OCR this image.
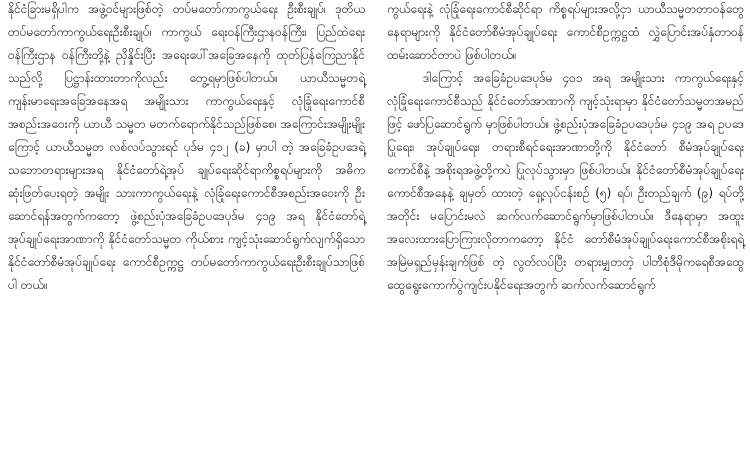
နိုင်ငံခြားမရှိပါက အဖွဲ့ဝင်များဖြစ်တဲ့ တပ်မတော်ကာကွယ်ရေး ဦးစီးချုပ်၊ ဒုတိယတပ်မတော်ကာကွယ်ရေးဦးစီးချုပ်၊ ကာကွယ် ရေးဝန်ကြီးဌာနဝန်ကြီး၊ ပြည်ထဲရေးဝန်ကြီးဌာန ဝန်ကြီးတို့နဲ့ ညှိနှိုင်းပြီး အရေးပေါ်အခြေအနေကို ထုတ်ပြန်ကြေညာနိုင် သည်လို့ ပြဋ္ဌာန်းထားတာကိုလည်း တွေ့ရမှာဖြစ်ပါတယ်။ ယာယီသမ္မတရဲ့ ကျန်းမာရေးအခြေအနေအရ အမျိုးသား ကာကွယ်ရေးနှင့် လုံခြုံရေးကောင်စီအစည်းအဝေးကို ယာယီ သမ္မတ မတက်ရောက်နိုင်သည်ဖြစ်စေ၊ အကြောင်းအမျိုးမျိုး ကြောင့် ယာယီသမ္မတ လစ်လပ်သွားရင် ပုဒ်မ ၄၁၂ (ခ) မှာပါ တဲ့ အခြေခံဥပဒေရဲ့ သဘောတရားများအရ နိုင်ငံတော်ရဲ့အုပ် ချုပ်ရေးဆိုင်ရာကိစ္စရပ်များကို အဓိကဆုံးဖြတ်ပေးရတဲ့ အမျိုး သားကာကွယ်ရေးနဲ့ လုံခြုံရေးကောင်စီအစည်းအဝေးကို ဦး ဆောင်ရန်အတွက်ကတော့ ဖွဲ့စည်းပုံအခြေခံဥပဒေပုဒ်မ ၄၁၉ အရ နိုင်ငံတော်ရဲ့အုပ်ချုပ်ရေးအာဏာကို နိုင်ငံတော်သမ္မတ ကိုယ်စား ကျင့်သုံးဆောင်ရွက်လျက်ရှိသော နိုင်ငံတော်စီမံအုပ်ချုပ်ရေး ကောင်စီဥက္ကဋ္ဌ တပ်မတော်ကာကွယ်ရေးဦးစီးချုပ်သာဖြစ်ပါ တယ်။

ကွယ်ရေးနဲ့ လုံခြုံရေးကောင်စီဆိုင်ရာ ကိစ္စရပ်များအလို့ငှာ ယာယီသမ္မတတာဝန်တွေနေရာများကို နိုင်ငံတော်စီမံအုပ်ချုပ်ရေး ကောင်စီဥက္ကဋ္ဌထံ လွှဲပြောင်းအပ်နှံတာဝန်ထမ်းဆောင်တာပဲ ဖြစ်ပါတယ်။

ဒါကြောင့် အခြေခံဥပဒေပုဒ်မ ၄၀၁ အရ အမျိုးသား ကာကွယ်ရေးနှင့် လုံခြုံရေးကောင်စီသည် နိုင်ငံတော်အာဏာကို ကျင့်သုံးရာမှာ နိုင်ငံတော်သမ္မတအမည်ဖြင့် ဖော်ပြဆောင်ရွက် မှာဖြစ်ပါတယ်။ ဖွဲ့စည်းပုံအခြေခံဥပဒေပုဒ်မ ၄၁၉ အရ ဥပဒေ ပြုရေး၊ အုပ်ချုပ်ရေး၊ တရားစီရင်ရေးအာဏာတို့ကို နိုင်ငံတော် စီမံအုပ်ချုပ်ရေးကောင်စီနဲ့ အစိုးရအဖွဲ့တို့ကပဲ ပြုလုပ်သွားမှာ ဖြစ်ပါတယ်။ နိုင်ငံတော်စီမံအုပ်ချုပ်ရေးကောင်စီအနေနဲ့ ချမှတ် ထားတဲ့ ရှေ့လုပ်ငန်းစဉ် (၅) ရပ်၊ ဦးတည်ချက် (၉) ရပ်တို့ အတိုင်း မပြောင်းမလဲ ဆက်လက်ဆောင်ရွက်မှာဖြစ်ပါတယ်။ ဒီနေရာမှာ အထူးအလေးထားပြောကြားလိုတာကတော့ နိုင်ငံ တော်စီမံအုပ်ချုပ်ရေးကောင်စီအစိုးရရဲ့ အမြဲမရှည်မှန်းချက်ဖြစ် တဲ့ လွတ်လပ်ပြီး တရားမျှတတဲ့ ပါတီစုံဒီမိုကရေစီအထွေ ထွေရွေးကောက်ပွဲကျင်းပနိုင်ရေးအတွက် ဆက်လက်ဆောင်ရွက်
